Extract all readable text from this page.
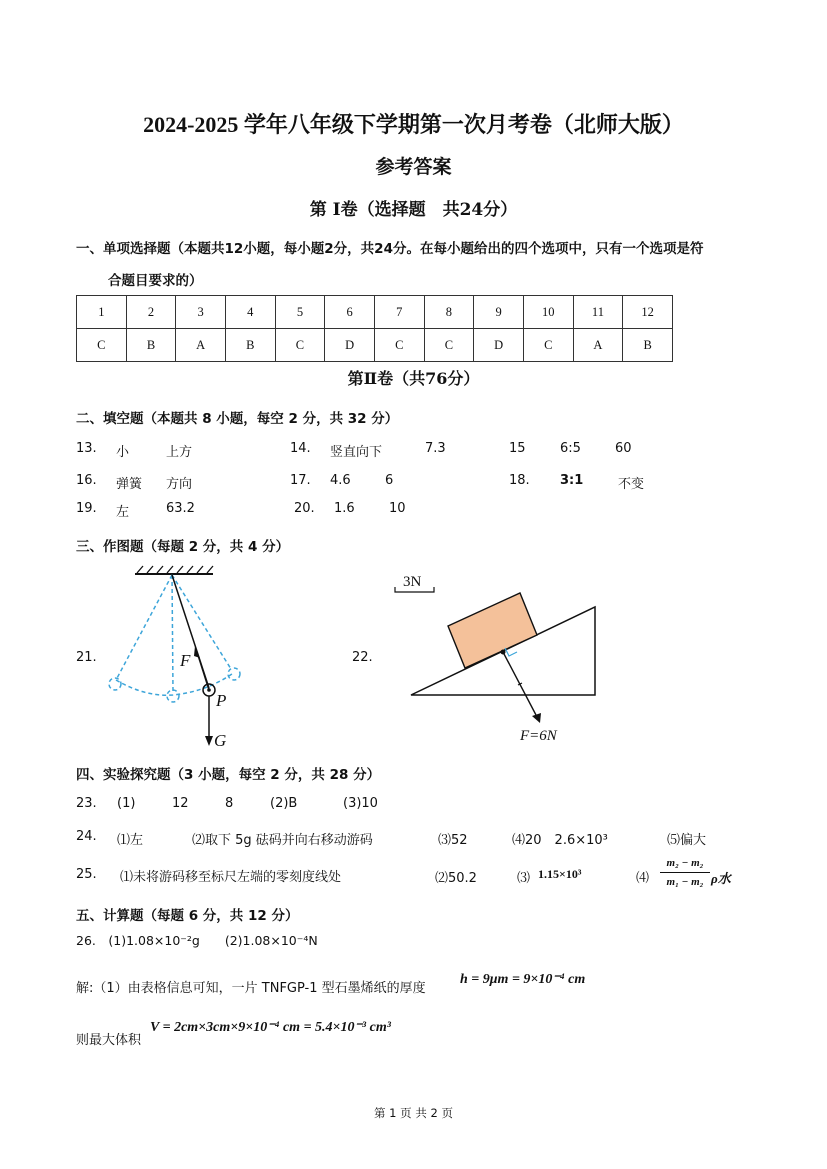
2024-2025 学年八年级下学期第一次月考卷（北师大版）
参考答案
第 Ⅰ卷（选择题　共24分）
一、单项选择题（本题共12小题，每小题2分，共24分。在每小题给出的四个选项中，只有一个选项是符
合题目要求的）
1	2	3	4	5	6	7	8	9	10	11	12
C	B	A	B	C	D	C	C	D	C	A	B
第Ⅱ卷（共76分）
二、填空题（本题共 8 小题，每空 2 分，共 32 分）
13. 小	上方	14. 竖直向下	7.3	15	6:5	60
16. 弹簧 方向	17. 4.6	6	18. 3:1	不变
19. 左	63.2	20. 1.6	10
三、作图题（每题 2 分，共 4 分）
21.	22.
F
P
G
3N
F=6N
四、实验探究题（3 小题，每空 2 分，共 28 分）
23. (1)	12	8	(2)B	(3)10
24. ⑴左	⑵取下 5g 砝码并向右移动游码	⑶52	⑷20　2.6×10³	⑸偏大
25. ⑴未将游码移至标尺左端的零刻度线处	⑵50.2	⑶ 1.15×10³	⑷
m₂ − m₂
m₁ − m₂ ρ水
五、计算题（每题 6 分，共 12 分）
26.　(1)1.08×10⁻²g　　(2)1.08×10⁻⁴N
解:（1）由表格信息可知，一片 TNFGP-1 型石墨烯纸的厚度
h = 9μm = 9×10⁻⁴ cm
则最大体积
V = 2cm×3cm×9×10⁻⁴ cm = 5.4×10⁻³ cm³
第 1 页 共 2 页
